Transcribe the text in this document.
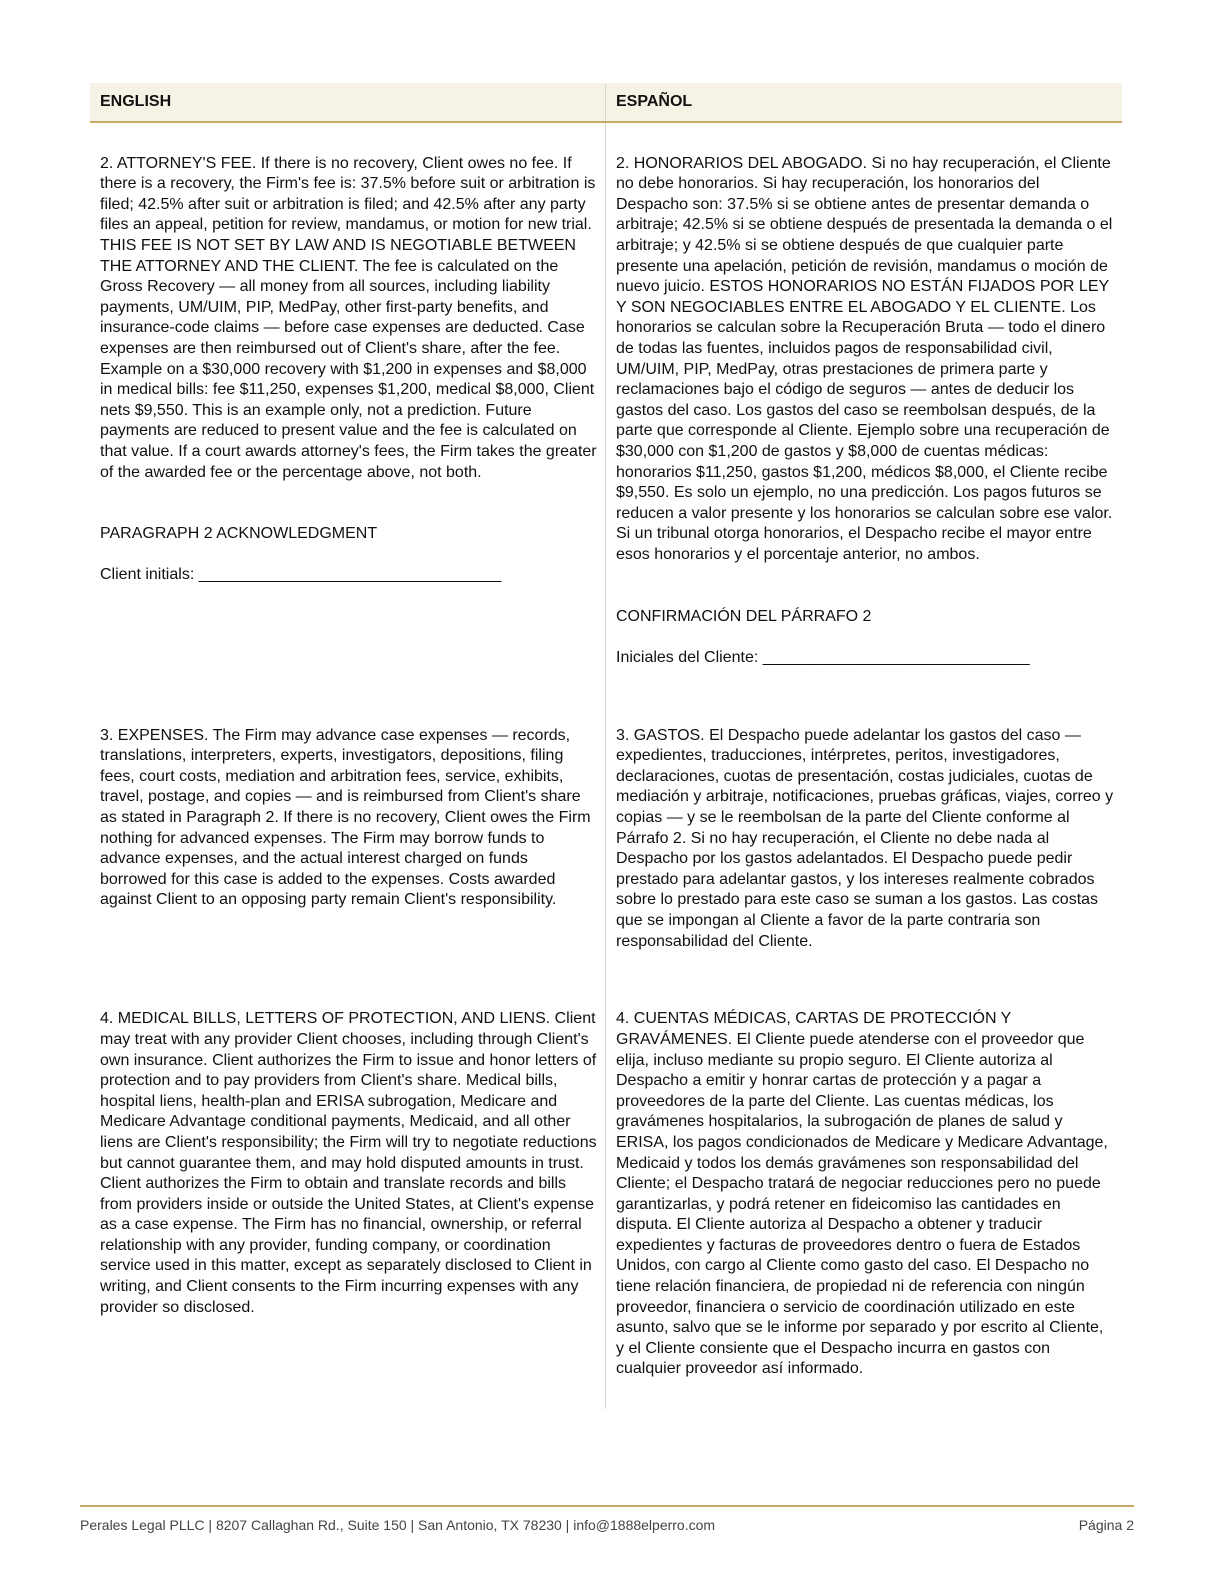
ENGLISH	ESPAÑOL

2. ATTORNEY'S FEE. If there is no recovery, Client owes no fee. If there is a recovery, the Firm's fee is: 37.5% before suit or arbitration is filed; 42.5% after suit or arbitration is filed; and 42.5% after any party files an appeal, petition for review, mandamus, or motion for new trial. THIS FEE IS NOT SET BY LAW AND IS NEGOTIABLE BETWEEN THE ATTORNEY AND THE CLIENT. The fee is calculated on the Gross Recovery — all money from all sources, including liability payments, UM/UIM, PIP, MedPay, other first-party benefits, and insurance-code claims — before case expenses are deducted. Case expenses are then reimbursed out of Client's share, after the fee. Example on a $30,000 recovery with $1,200 in expenses and $8,000 in medical bills: fee $11,250, expenses $1,200, medical $8,000, Client nets $9,550. This is an example only, not a prediction. Future payments are reduced to present value and the fee is calculated on that value. If a court awards attorney's fees, the Firm takes the greater of the awarded fee or the percentage above, not both.

PARAGRAPH 2 ACKNOWLEDGMENT

Client initials: __________________________________

2. HONORARIOS DEL ABOGADO. Si no hay recuperación, el Cliente no debe honorarios. Si hay recuperación, los honorarios del Despacho son: 37.5% si se obtiene antes de presentar demanda o arbitraje; 42.5% si se obtiene después de presentada la demanda o el arbitraje; y 42.5% si se obtiene después de que cualquier parte presente una apelación, petición de revisión, mandamus o moción de nuevo juicio. ESTOS HONORARIOS NO ESTÁN FIJADOS POR LEY Y SON NEGOCIABLES ENTRE EL ABOGADO Y EL CLIENTE. Los honorarios se calculan sobre la Recuperación Bruta — todo el dinero de todas las fuentes, incluidos pagos de responsabilidad civil, UM/UIM, PIP, MedPay, otras prestaciones de primera parte y reclamaciones bajo el código de seguros — antes de deducir los gastos del caso. Los gastos del caso se reembolsan después, de la parte que corresponde al Cliente. Ejemplo sobre una recuperación de $30,000 con $1,200 de gastos y $8,000 de cuentas médicas: honorarios $11,250, gastos $1,200, médicos $8,000, el Cliente recibe $9,550. Es solo un ejemplo, no una predicción. Los pagos futuros se reducen a valor presente y los honorarios se calculan sobre ese valor. Si un tribunal otorga honorarios, el Despacho recibe el mayor entre esos honorarios y el porcentaje anterior, no ambos.

CONFIRMACIÓN DEL PÁRRAFO 2

Iniciales del Cliente: ______________________________

3. EXPENSES. The Firm may advance case expenses — records, translations, interpreters, experts, investigators, depositions, filing fees, court costs, mediation and arbitration fees, service, exhibits, travel, postage, and copies — and is reimbursed from Client's share as stated in Paragraph 2. If there is no recovery, Client owes the Firm nothing for advanced expenses. The Firm may borrow funds to advance expenses, and the actual interest charged on funds borrowed for this case is added to the expenses. Costs awarded against Client to an opposing party remain Client's responsibility.

3. GASTOS. El Despacho puede adelantar los gastos del caso — expedientes, traducciones, intérpretes, peritos, investigadores, declaraciones, cuotas de presentación, costas judiciales, cuotas de mediación y arbitraje, notificaciones, pruebas gráficas, viajes, correo y copias — y se le reembolsan de la parte del Cliente conforme al Párrafo 2. Si no hay recuperación, el Cliente no debe nada al Despacho por los gastos adelantados. El Despacho puede pedir prestado para adelantar gastos, y los intereses realmente cobrados sobre lo prestado para este caso se suman a los gastos. Las costas que se impongan al Cliente a favor de la parte contraria son responsabilidad del Cliente.

4. MEDICAL BILLS, LETTERS OF PROTECTION, AND LIENS. Client may treat with any provider Client chooses, including through Client's own insurance. Client authorizes the Firm to issue and honor letters of protection and to pay providers from Client's share. Medical bills, hospital liens, health-plan and ERISA subrogation, Medicare and Medicare Advantage conditional payments, Medicaid, and all other liens are Client's responsibility; the Firm will try to negotiate reductions but cannot guarantee them, and may hold disputed amounts in trust. Client authorizes the Firm to obtain and translate records and bills from providers inside or outside the United States, at Client's expense as a case expense. The Firm has no financial, ownership, or referral relationship with any provider, funding company, or coordination service used in this matter, except as separately disclosed to Client in writing, and Client consents to the Firm incurring expenses with any provider so disclosed.

4. CUENTAS MÉDICAS, CARTAS DE PROTECCIÓN Y GRAVÁMENES. El Cliente puede atenderse con el proveedor que elija, incluso mediante su propio seguro. El Cliente autoriza al Despacho a emitir y honrar cartas de protección y a pagar a proveedores de la parte del Cliente. Las cuentas médicas, los gravámenes hospitalarios, la subrogación de planes de salud y ERISA, los pagos condicionados de Medicare y Medicare Advantage, Medicaid y todos los demás gravámenes son responsabilidad del Cliente; el Despacho tratará de negociar reducciones pero no puede garantizarlas, y podrá retener en fideicomiso las cantidades en disputa. El Cliente autoriza al Despacho a obtener y traducir expedientes y facturas de proveedores dentro o fuera de Estados Unidos, con cargo al Cliente como gasto del caso. El Despacho no tiene relación financiera, de propiedad ni de referencia con ningún proveedor, financiera o servicio de coordinación utilizado en este asunto, salvo que se le informe por separado y por escrito al Cliente, y el Cliente consiente que el Despacho incurra en gastos con cualquier proveedor así informado.

Perales Legal PLLC | 8207 Callaghan Rd., Suite 150 | San Antonio, TX 78230 | info@1888elperro.com	Página 2
